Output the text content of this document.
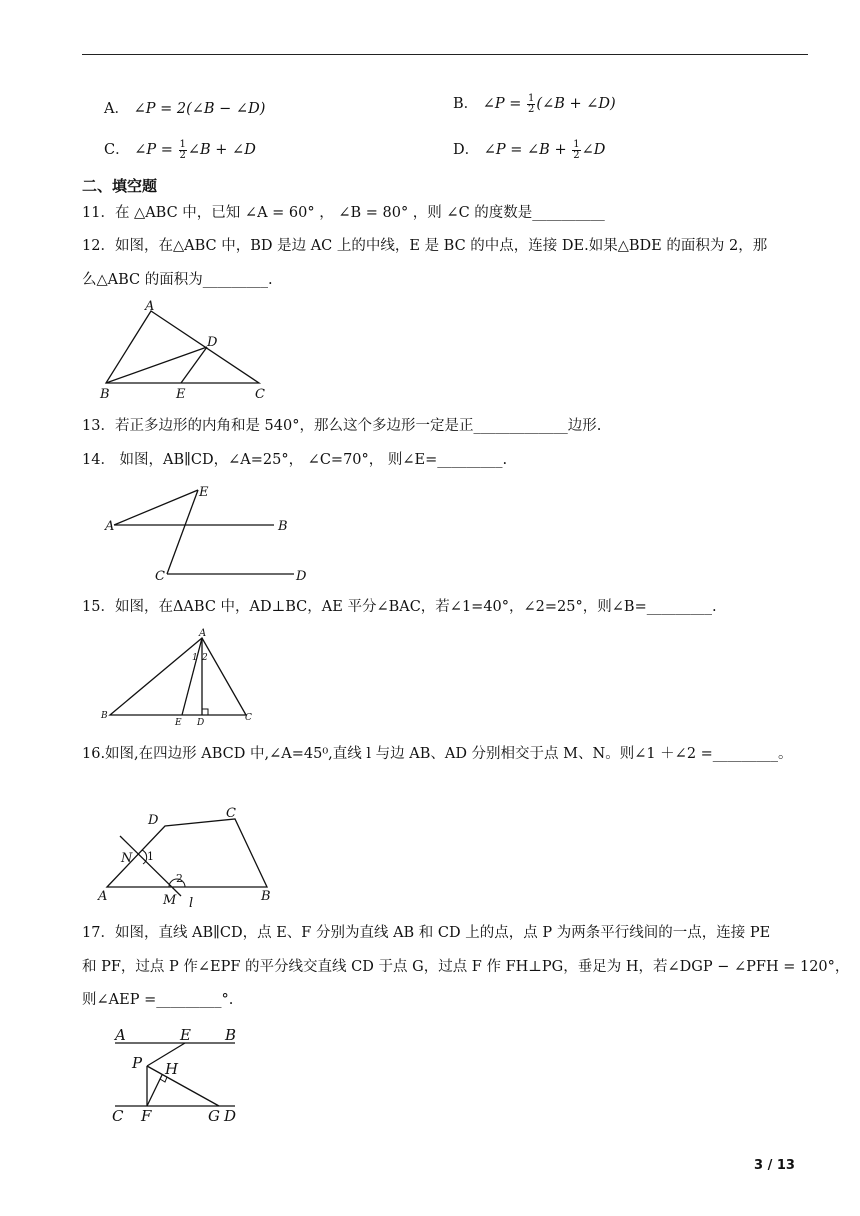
A． ∠P = 2(∠B − ∠D)	B． ∠P = $\frac{1}{2}$ (∠B + ∠D)
C． ∠P = $\frac{1}{2}$ ∠B + ∠D	D． ∠P = ∠B + $\frac{1}{2}$ ∠D
二、填空题
11．在 △ABC 中，已知 ∠A = 60° ， ∠B = 80° ，则 ∠C 的度数是__________
12．如图，在△ABC 中，BD 是边 AC 上的中线，E 是 BC 的中点，连接 DE.如果△BDE 的面积为 2，那
么△ABC 的面积为_________.
A
B	C
D
E
13．若正多边形的内角和是 540°，那么这个多边形一定是正_____________边形.
14． 如图，AB∥CD，∠A=25°， ∠C=70°， 则∠E=_________.
A	B
C	D
E
15．如图，在ΔABC 中，AD⊥BC，AE 平分∠BAC，若∠1=40°，∠2=25°，则∠B=_________.
A
B	C
D
E
1 2
16.如图,在四边形 ABCD 中,∠A=45⁰,直线 l 与边 AB、AD 分别相交于点 M、N。则∠1 ＋∠2 =_________。
D	C
A	B
N 1
2
M l
17．如图，直线 AB∥CD，点 E、F 分别为直线 AB 和 CD 上的点，点 P 为两条平行线间的一点，连接 PE
和 PF，过点 P 作∠EPF 的平分线交直线 CD 于点 G，过点 F 作 FH⊥PG，垂足为 H，若∠DGP − ∠PFH = 120°，
则∠AEP =_________°.
A	E B
P H
C F	G D
3 / 13
